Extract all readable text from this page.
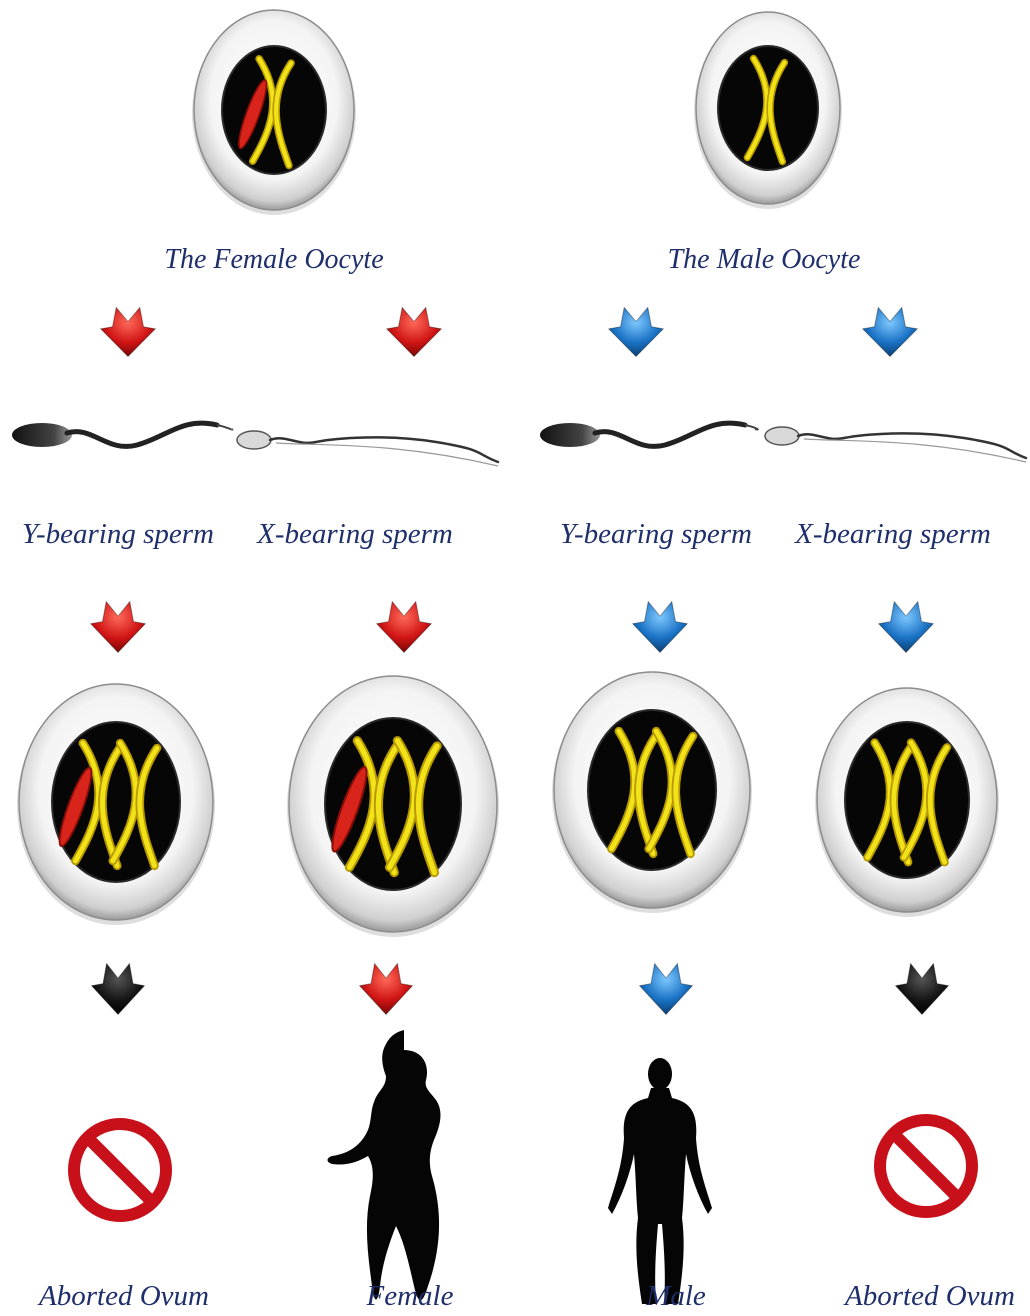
The Female Oocyte	The Male Oocyte
Y-bearing sperm X-bearing sperm	Y-bearing sperm X-bearing sperm
Aborted Ovum	Female	Male	Aborted Ovum
